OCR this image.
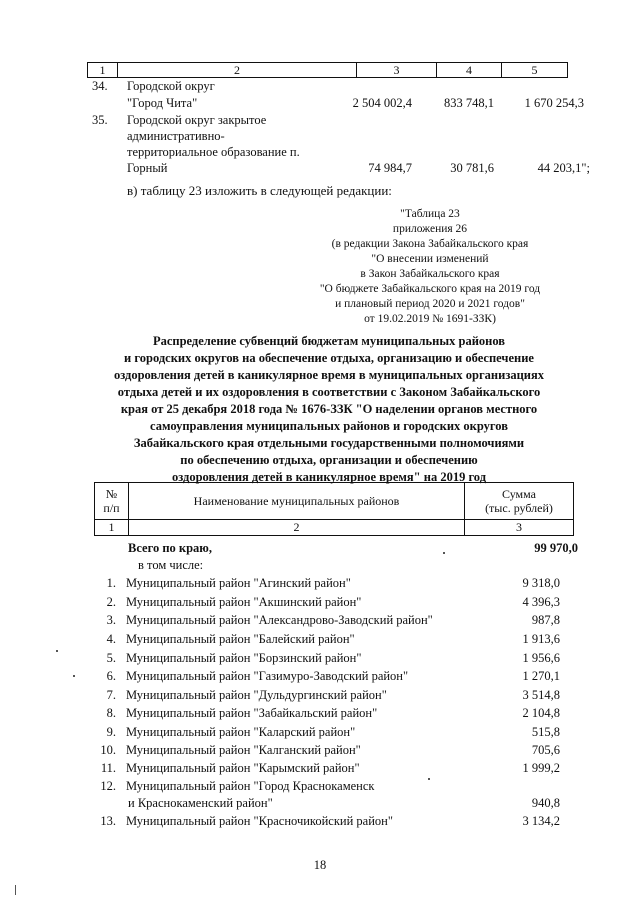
1	2	3	4	5
34. Городской округ
"Город Чита"	2 504 002,4	833 748,1	1 670 254,3
35. Городской округ закрытое
административно-
территориальное образование п.
Горный	74 984,7	30 781,6	44 203,1";
в) таблицу 23 изложить в следующей редакции:
"Таблица 23
приложения 26
(в редакции Закона Забайкальского края
"О внесении изменений
в Закон Забайкальского края
"О бюджете Забайкальского края на 2019 год
и плановый период 2020 и 2021 годов"
от 19.02.2019 № 1691-ЗЗК)
Распределение субвенций бюджетам муниципальных районов
и городских округов на обеспечение отдыха, организацию и обеспечение
оздоровления детей в каникулярное время в муниципальных организациях
отдыха детей и их оздоровления в соответствии с Законом Забайкальского
края от 25 декабря 2018 года № 1676-ЗЗК "О наделении органов местного
самоуправления муниципальных районов и городских округов
Забайкальского края отдельными государственными полномочиями
по обеспечению отдыха, организации и обеспечению
оздоровления детей в каникулярное время" на 2019 год
№
п/п	Наименование муниципальных районов	Сумма
(тыс. рублей)
1	2	3
Всего по краю,	99 970,0
в том числе:
1. Муниципальный район "Агинский район"	9 318,0
2. Муниципальный район "Акшинский район"	4 396,3
3. Муниципальный район "Александрово-Заводский район"	987,8
4. Муниципальный район "Балейский район"	1 913,6
5. Муниципальный район "Борзинский район"	1 956,6
6. Муниципальный район "Газимуро-Заводский район"	1 270,1
7. Муниципальный район "Дульдургинский район"	3 514,8
8. Муниципальный район "Забайкальский район"	2 104,8
9. Муниципальный район "Каларский район"	515,8
10. Муниципальный район "Калганский район"	705,6
11. Муниципальный район "Карымский район"	1 999,2
12. Муниципальный район "Город Краснокаменск
и Краснокаменский район"	940,8
13. Муниципальный район "Красночикойский район"	3 134,2
18
